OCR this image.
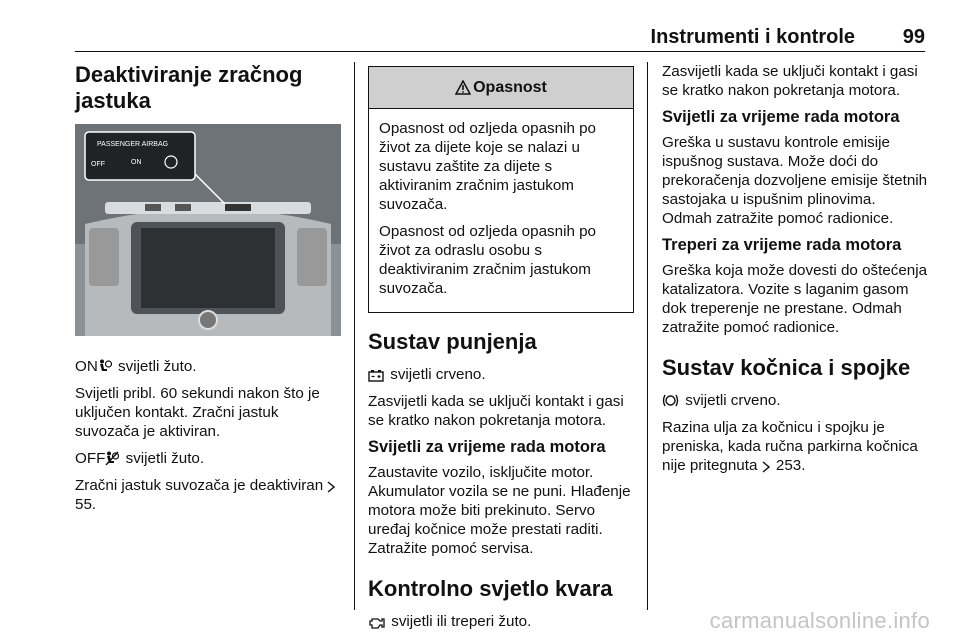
Instrumenti i kontrole 99
Deaktiviranje zračnog jastuka
PASSENGER AIRBAG
OFF	ON

ON svijetli žuto.

Svijetli pribl. 60 sekundi nakon što je uključen kontakt. Zračni jastuk suvozača je aktiviran.

OFF svijetli žuto.

Zračni jastuk suvozača je deaktiviran  55.

Opasnost

Opasnost od ozljeda opasnih po život za dijete koje se nalazi u sustavu zaštite za dijete s aktiviranim zračnim jastukom suvozača.

Opasnost od ozljeda opasnih po život za odraslu osobu s deaktiviranim zračnim jastukom suvozača.

Sustav punjenja

svijetli crveno.

Zasvijetli kada se uključi kontakt i gasi se kratko nakon pokretanja motora.

Svijetli za vrijeme rada motora

Zaustavite vozilo, isključite motor. Akumulator vozila se ne puni. Hlađenje motora može biti prekinuto. Servo uređaj kočnice može prestati raditi. Zatražite pomoć servisa.

Kontrolno svjetlo kvara

svijetli ili treperi žuto.

Zasvijetli kada se uključi kontakt i gasi se kratko nakon pokretanja motora.

Svijetli za vrijeme rada motora

Greška u sustavu kontrole emisije ispušnog sustava. Može doći do prekoračenja dozvoljene emisije štetnih sastojaka u ispušnim plinovima. Odmah zatražite pomoć radionice.

Treperi za vrijeme rada motora

Greška koja može dovesti do oštećenja katalizatora. Vozite s laganim gasom dok treperenje ne prestane. Odmah zatražite pomoć radionice.

Sustav kočnica i spojke

svijetli crveno.

Razina ulja za kočnicu i spojku je preniska, kada ručna parkirna kočnica nije pritegnuta  253.

carmanualsonline.info
